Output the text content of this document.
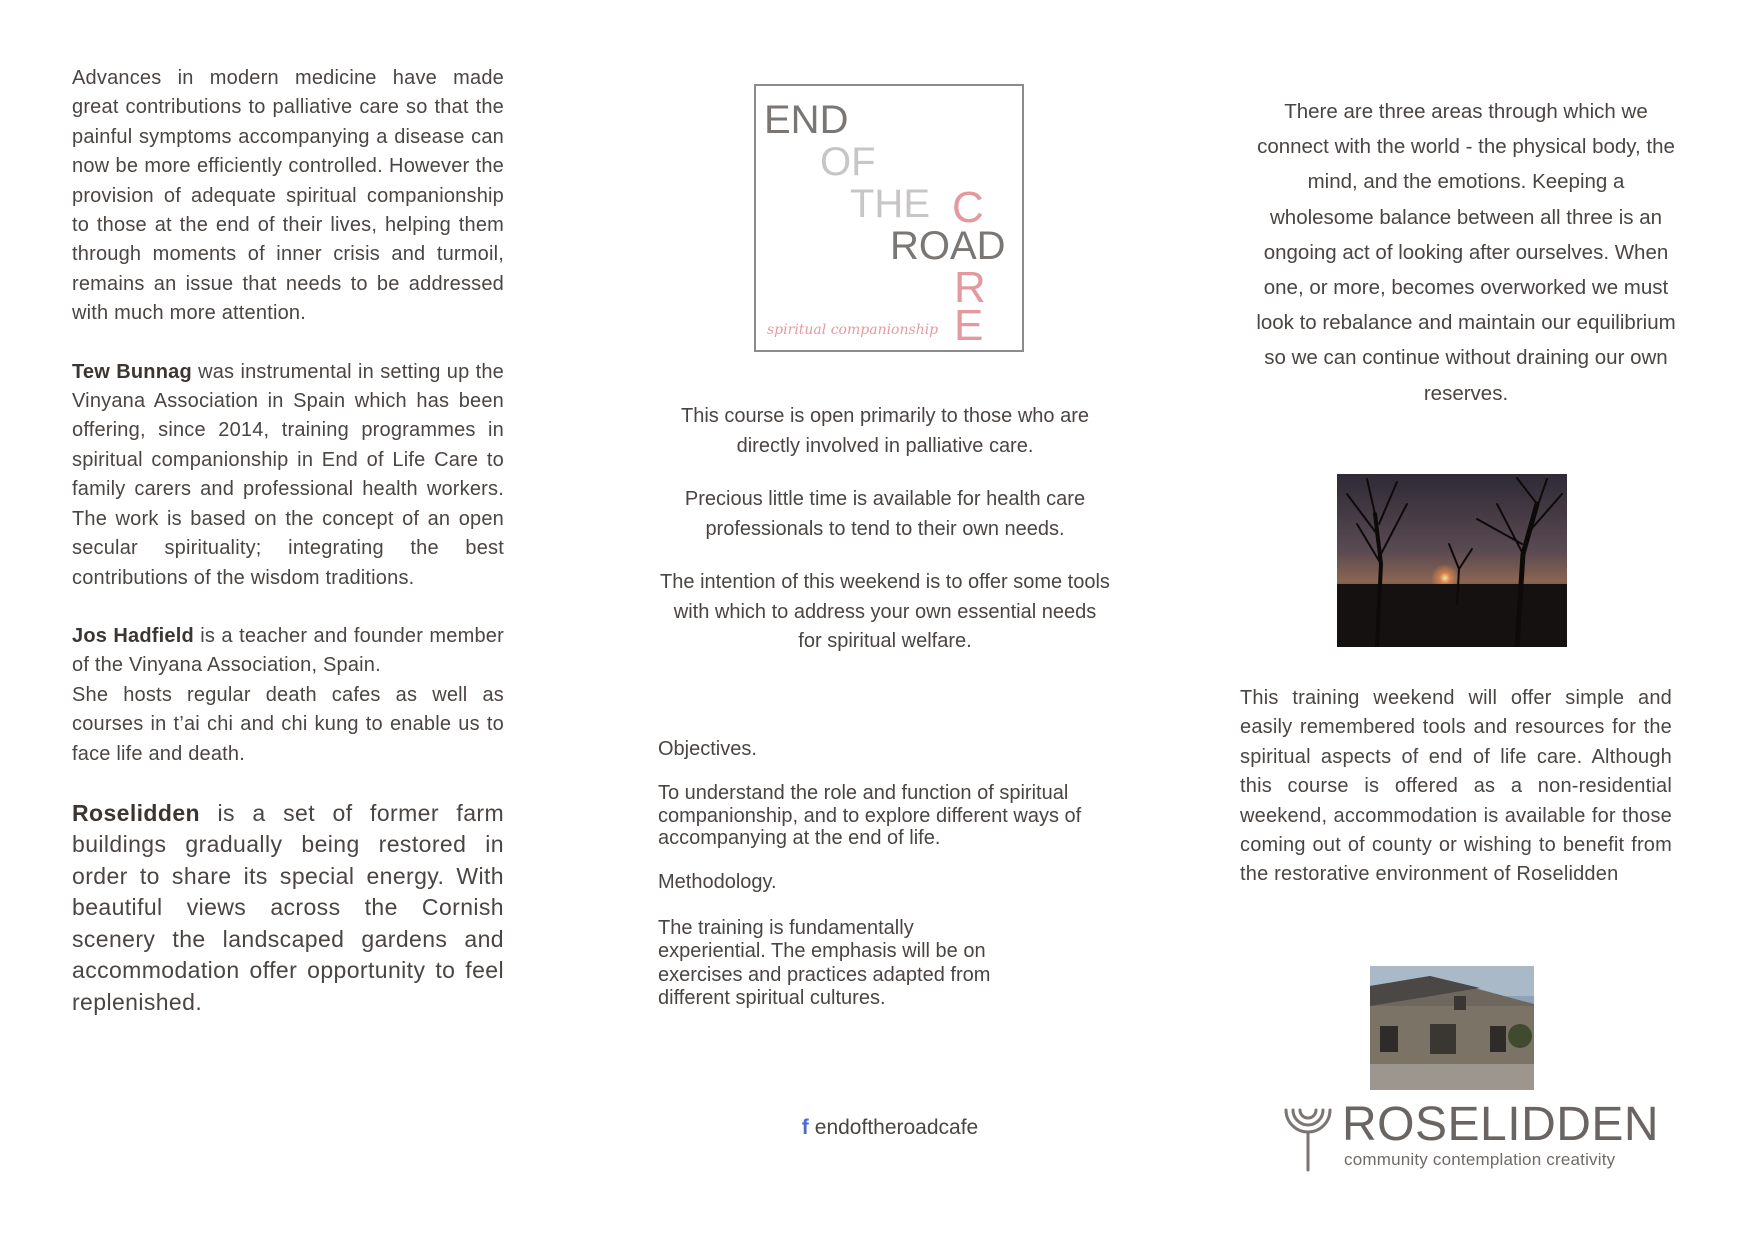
Advances in modern medicine have made great contributions to palliative care so that the painful symptoms accompanying a disease can now be more efficiently controlled. However the provision of adequate spiritual companionship to those at the end of their lives, helping them through moments of inner crisis and turmoil, remains an issue that needs to be addressed with much more attention.

Tew Bunnag was instrumental in setting up the Vinyana Association in Spain which has been offering, since 2014, training programmes in spiritual companionship in End of Life Care to family carers and professional health workers. The work is based on the concept of an open secular spirituality; integrating the best contributions of the wisdom traditions.

Jos Hadfield is a teacher and founder member of the Vinyana Association, Spain.

She hosts regular death cafes as well as courses in t’ai chi and chi kung to enable us to face life and death.

Roselidden is a set of former farm buildings gradually being restored in order to share its special energy. With beautiful views across the Cornish scenery the landscaped gardens and accommodation offer opportunity to feel replenished.

END
OF
THE
ROAD
C
R
E
spiritual companionship

This course is open primarily to those who are directly involved in palliative care.

Precious little time is available for health care professionals to tend to their own needs.

The intention of this weekend is to offer some tools with which to address your own essential needs for spiritual welfare.

Objectives.

To understand the role and function of spiritual companionship, and to explore different ways of accompanying at the end of life.

Methodology.

The training is fundamentally experiential. The emphasis will be on exercises and practices adapted from different spiritual cultures.

f endoftheroadcafe

There are three areas through which we connect with the world - the physical body, the mind, and the emotions. Keeping a wholesome balance between all three is an ongoing act of looking after ourselves. When one, or more, becomes overworked we must look to rebalance and maintain our equilibrium so we can continue without draining our own reserves.

This training weekend will offer simple and easily remembered tools and resources for the spiritual aspects of end of life care. Although this course is offered as a non-residential weekend, accommodation is available for those coming out of county or wishing to benefit from the restorative environment of Roselidden

ROSELIDDEN
community contemplation creativity
